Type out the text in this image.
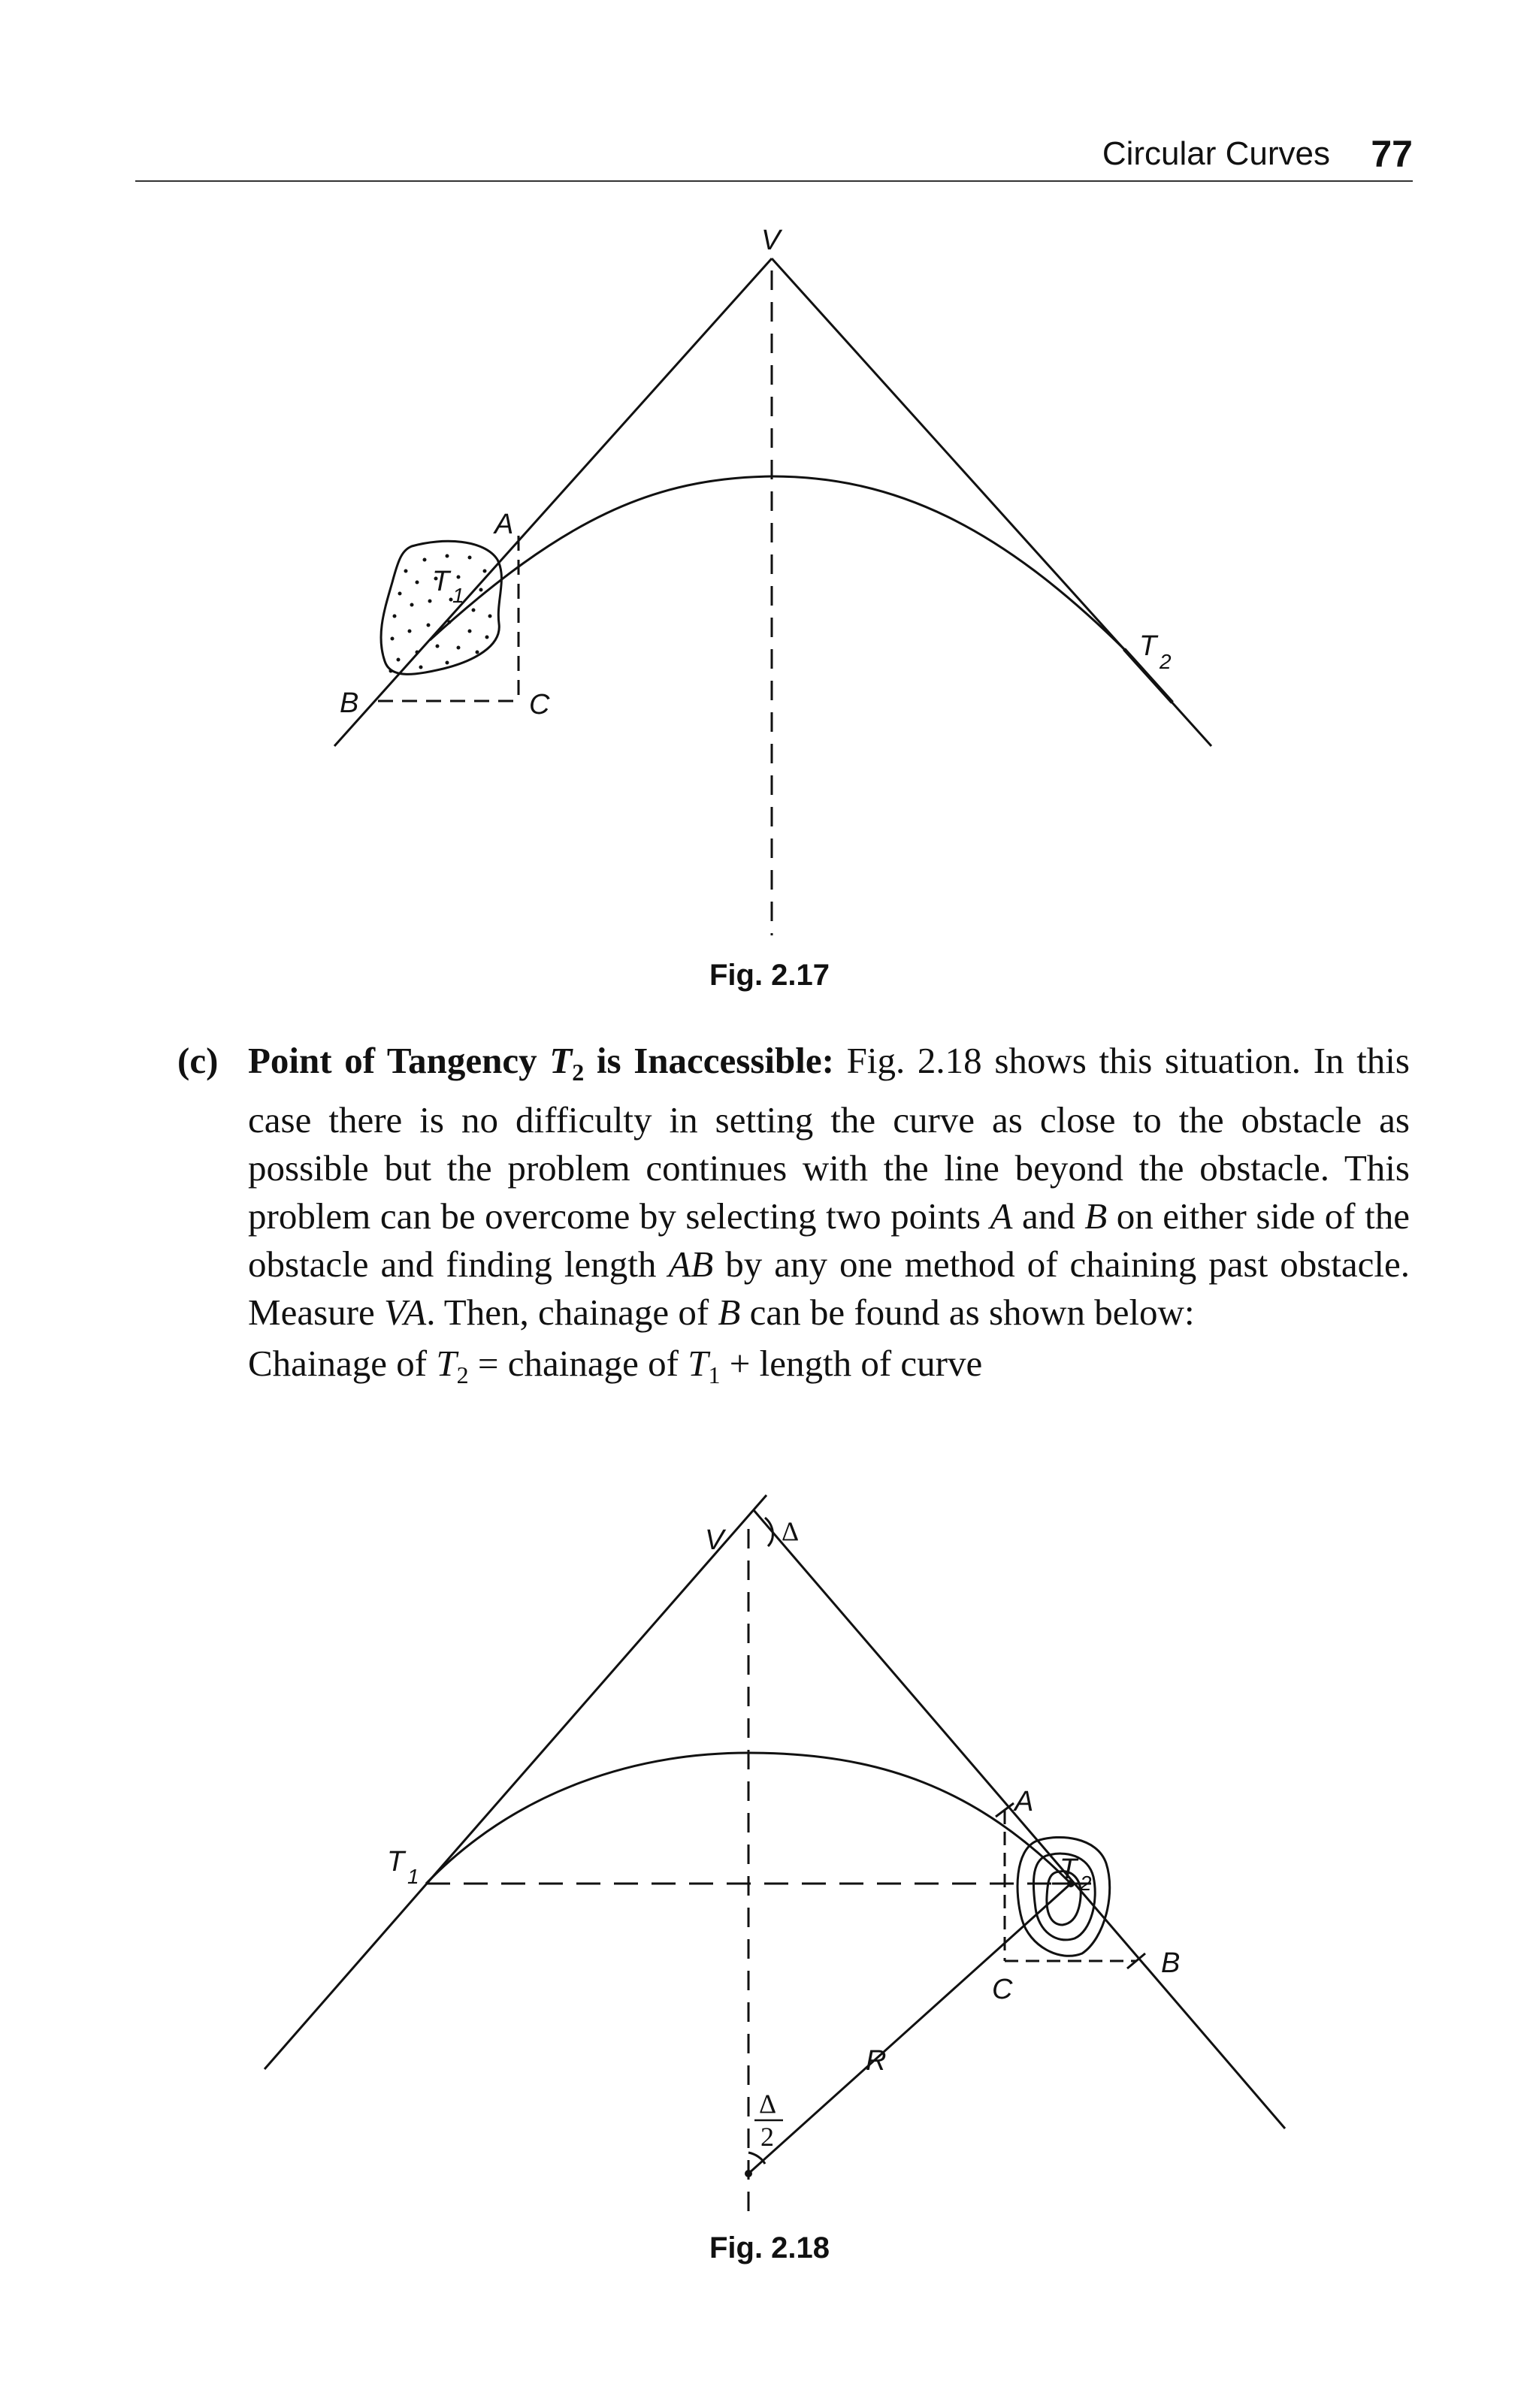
Circular Curves 77
V
A
T 1
T 2
B	C
Fig. 2.17
(c) Point of Tangency $T_2$ is Inaccessible: Fig. 2.18 shows this situation. In this case there is no difficulty in setting the curve as close to the obstacle as possible but the problem continues with the line beyond the obstacle. This problem can be overcome by selecting two points A and B on either side of the obstacle and finding length AB by any one method of chaining past obstacle. Measure VA. Then, chainage of B can be found as shown below:
Chainage of $T_2$ = chainage of $T_1$ + length of curve
V Δ
T 1
A
T 2
B
C
R
Δ
2
Fig. 2.18
